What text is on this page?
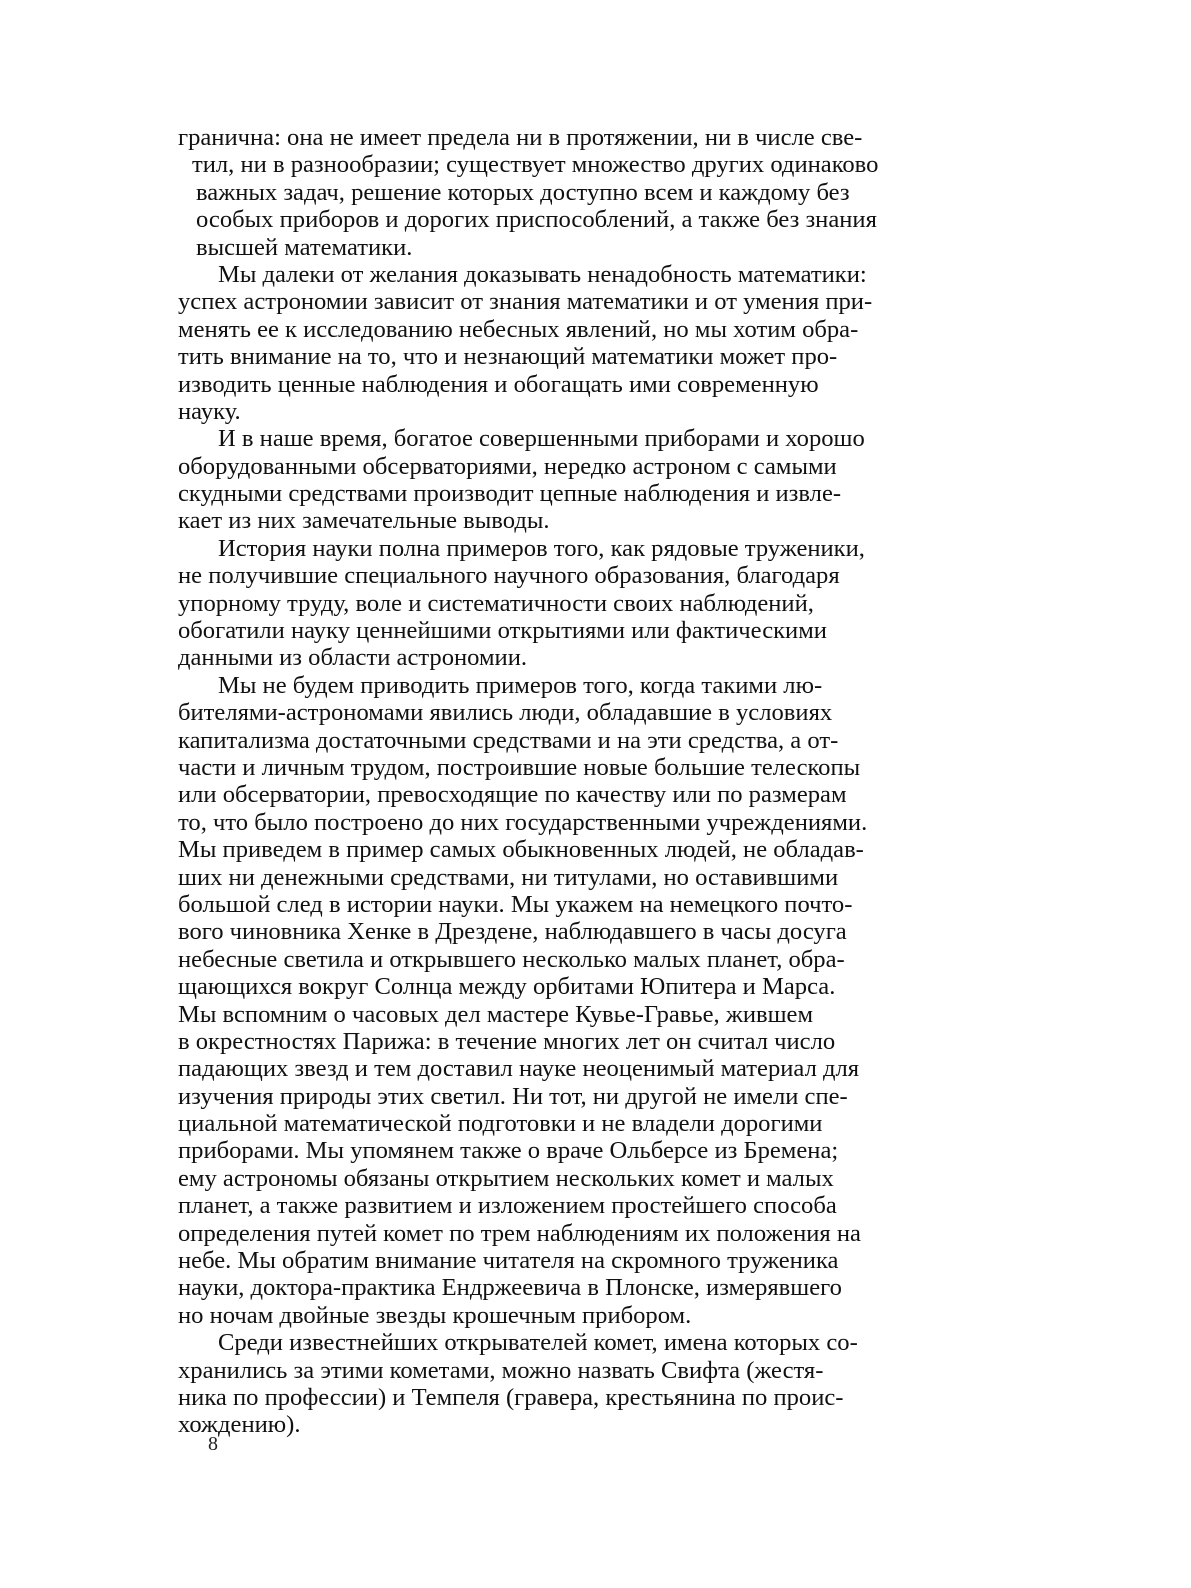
гранична: она не имеет предела ни в протяжении, ни в числе све-
тил, ни в разнообразии; существует множество других одинаково
важных задач, решение которых доступно всем и каждому без
особых приборов и дорогих приспособлений, а также без знания
высшей математики.
Мы далеки от желания доказывать ненадобность математики:
успех астрономии зависит от знания математики и от умения при-
менять ее к исследованию небесных явлений, но мы хотим обра-
тить внимание на то, что и незнающий математики может про-
изводить ценные наблюдения и обогащать ими современную
науку.
И в наше время, богатое совершенными приборами и хорошо
оборудованными обсерваториями, нередко астроном с самыми
скудными средствами производит цепные наблюдения и извле-
кает из них замечательные выводы.
История науки полна примеров того, как рядовые труженики,
не получившие специального научного образования, благодаря
упорному труду, воле и систематичности своих наблюдений,
обогатили науку ценнейшими открытиями или фактическими
данными из области астрономии.
Мы не будем приводить примеров того, когда такими лю-
бителями-астрономами явились люди, обладавшие в условиях
капитализма достаточными средствами и на эти средства, а от-
части и личным трудом, построившие новые большие телескопы
или обсерватории, превосходящие по качеству или по размерам
то, что было построено до них государственными учреждениями.
Мы приведем в пример самых обыкновенных людей, не обладав-
ших ни денежными средствами, ни титулами, но оставившими
большой след в истории науки. Мы укажем на немецкого почто-
вого чиновника Хенке в Дрездене, наблюдавшего в часы досуга
небесные светила и открывшего несколько малых планет, обра-
щающихся вокруг Солнца между орбитами Юпитера и Марса.
Мы вспомним о часовых дел мастере Кувье-Гравье, жившем
в окрестностях Парижа: в течение многих лет он считал число
падающих звезд и тем доставил науке неоценимый материал для
изучения природы этих светил. Ни тот, ни другой не имели спе-
циальной математической подготовки и не владели дорогими
приборами. Мы упомянем также о враче Ольберсе из Бремена;
ему астрономы обязаны открытием нескольких комет и малых
планет, а также развитием и изложением простейшего способа
определения путей комет по трем наблюдениям их положения на
небе. Мы обратим внимание читателя на скромного труженика
науки, доктора-практика Ендржеевича в Плонске, измерявшего
но ночам двойные звезды крошечным прибором.
Среди известнейших открывателей комет, имена которых со-
хранились за этими кометами, можно назвать Свифта (жестя-
ника по профессии) и Темпеля (гравера, крестьянина по проис-
хождению).
8
